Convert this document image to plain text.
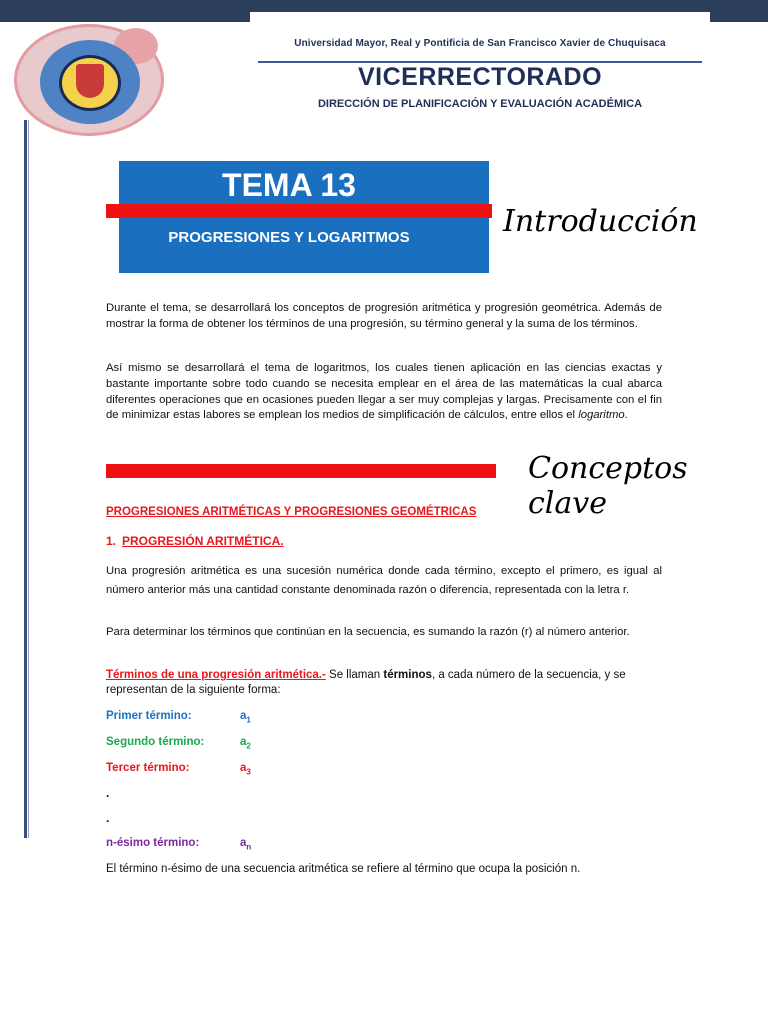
Universidad Mayor, Real y Pontificia de San Francisco Xavier de Chuquisaca
VICERRECTORADO
DIRECCIÓN DE PLANIFICACIÓN Y EVALUACIÓN ACADÉMICA
TEMA 13
PROGRESIONES Y LOGARITMOS	Introducción
Durante el tema, se desarrollará los conceptos de progresión aritmética y progresión geométrica. Además de mostrar la forma de obtener los términos de una progresión, su término general y la suma de los términos.
Así mismo se desarrollará el tema de logaritmos, los cuales tienen aplicación en las ciencias exactas y bastante importante sobre todo cuando se necesita emplear en el área de las matemáticas la cual abarca diferentes operaciones que en ocasiones pueden llegar a ser muy complejas y largas. Precisamente con el fin de minimizar estas labores se emplean los medios de simplificación de cálculos, entre ellos el logaritmo.
Conceptos clave
PROGRESIONES ARITMÉTICAS Y PROGRESIONES GEOMÉTRICAS
1. PROGRESIÓN ARITMÉTICA.
Una progresión aritmética es una sucesión numérica donde cada término, excepto el primero, es igual al número anterior más una cantidad constante denominada razón o diferencia, representada con la letra r.
Para determinar los términos que continúan en la secuencia, es sumando la razón (r) al número anterior.
Términos de una progresión aritmética.- Se llaman términos, a cada número de la secuencia, y se representan de la siguiente forma:
Primer término:	$a_1$
Segundo término:	$a_2$
Tercer término:	$a_3$
.
.
n-ésimo término:	$a_n$
El término n-ésimo de una secuencia aritmética se refiere al término que ocupa la posición n.
